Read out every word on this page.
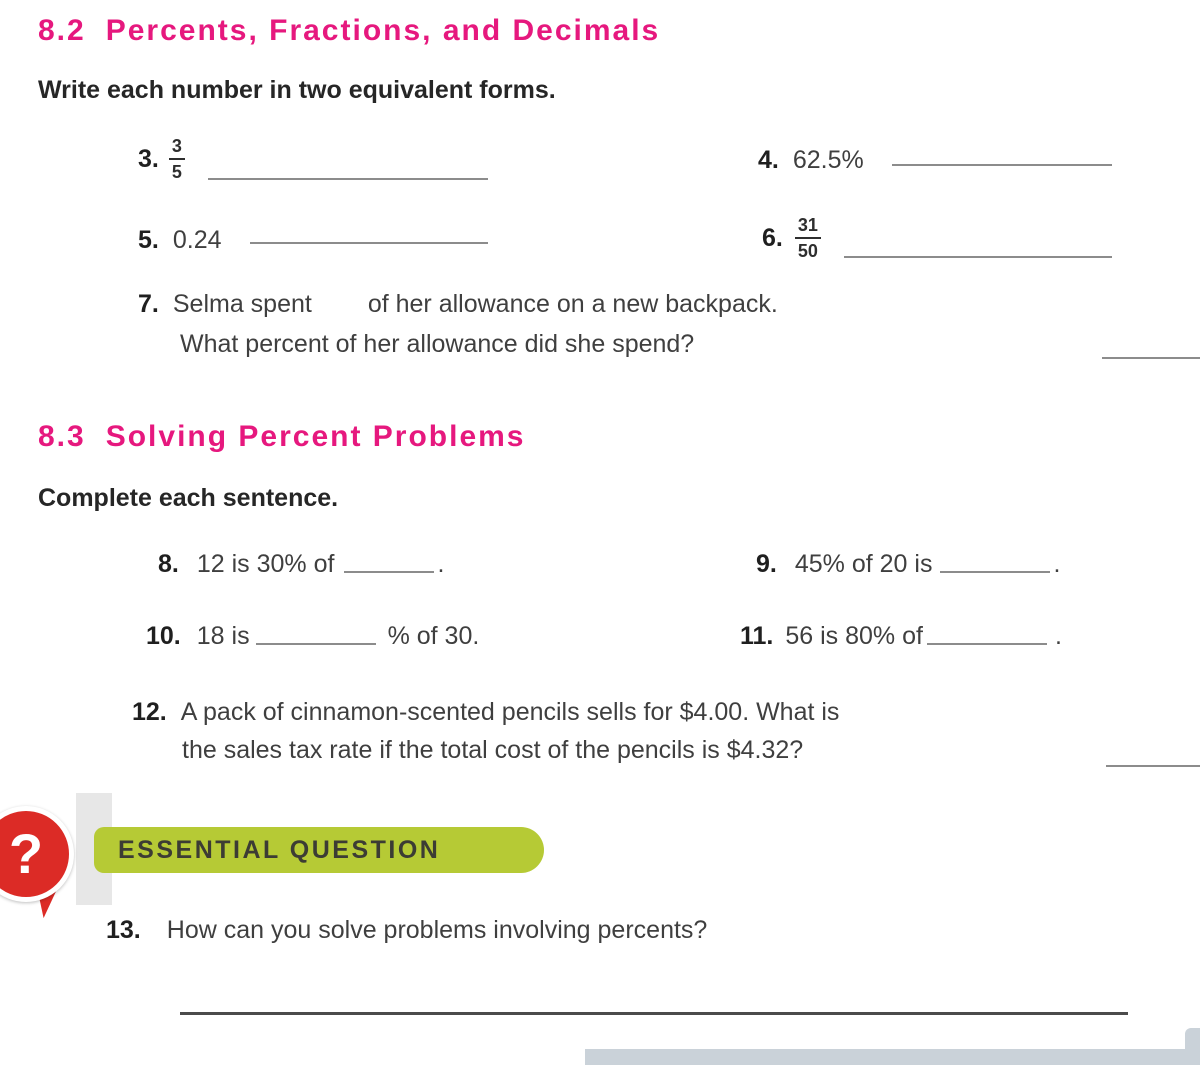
8.2 Percents, Fractions, and Decimals
Write each number in two equivalent forms.
3. $\frac{3}{5}$	4. 62.5%
5. 0.24	6. $\frac{31}{50}$
7. Selma spent of her allowance on a new backpack.
What percent of her allowance did she spend?
8.3 Solving Percent Problems
Complete each sentence.
8. 12 is 30% of	.	9. 45% of 20 is	.
10. 18 is	% of 30.	11. 56 is 80% of	.
12. A pack of cinnamon-scented pencils sells for $4.00. What is
the sales tax rate if the total cost of the pencils is $4.32?
ESSENTIAL QUESTION
?
13. How can you solve problems involving percents?
